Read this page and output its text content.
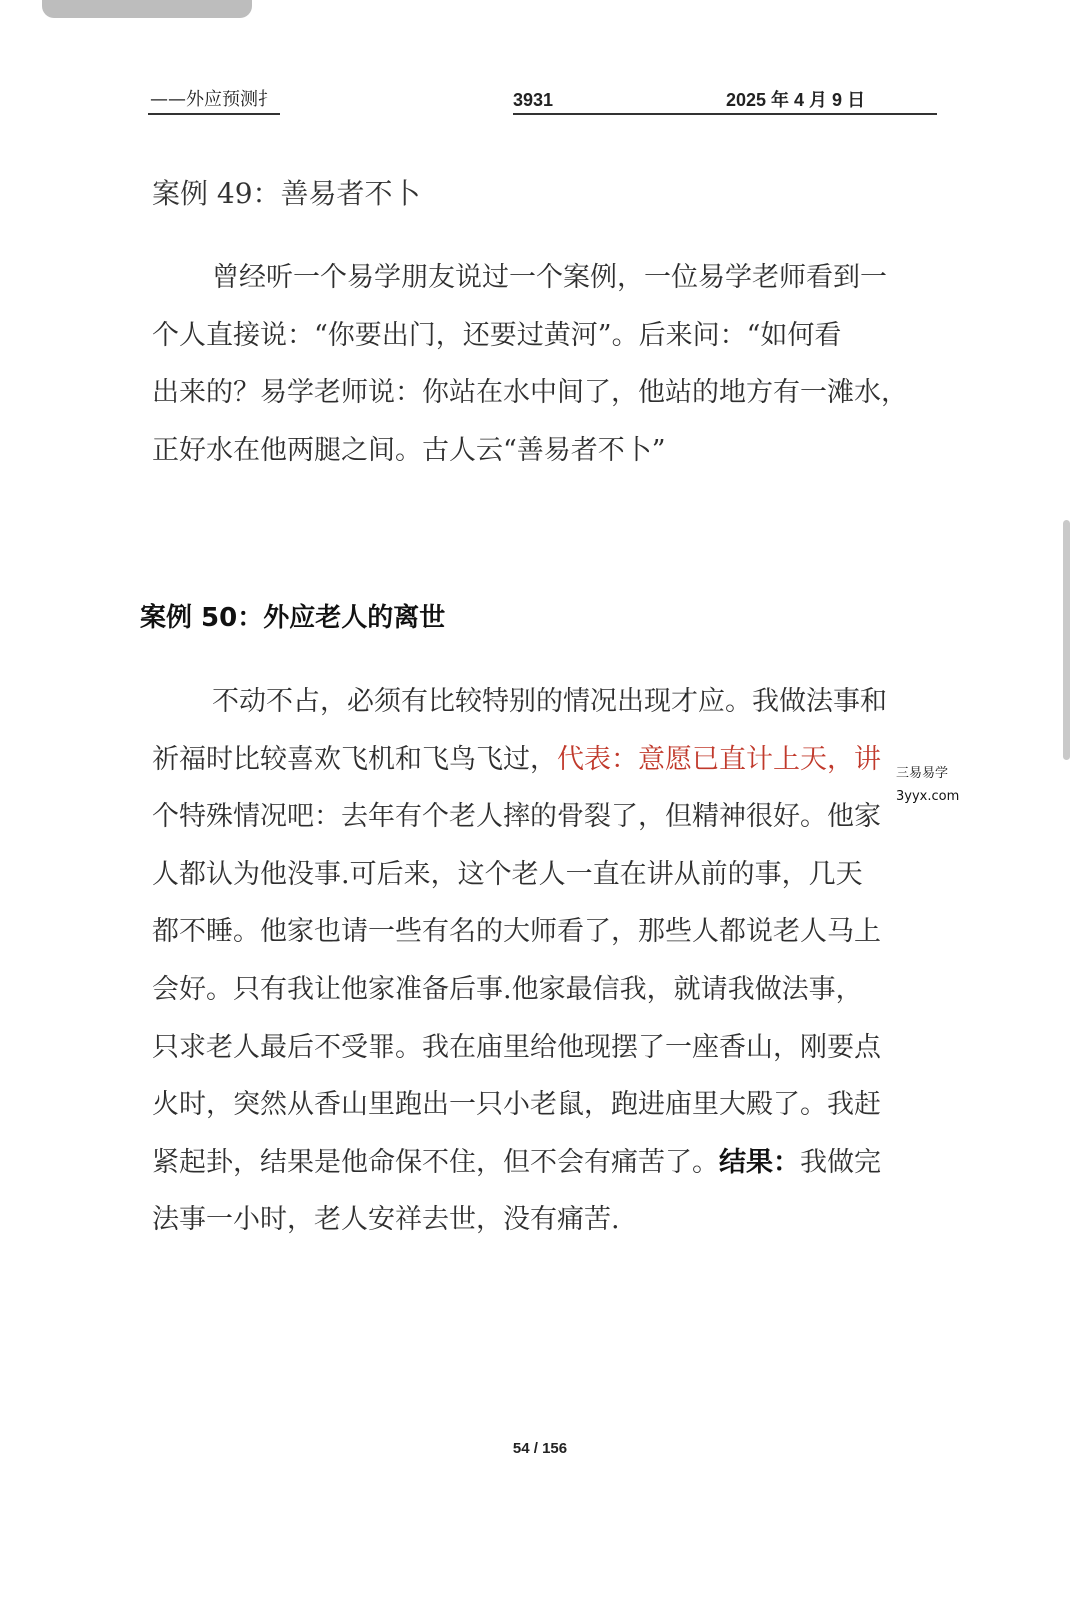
——外应预测扌	3931	2025 年 4 月 9 日
案例 49：善易者不卜

曾经听一个易学朋友说过一个案例，一位易学老师看到一

个人直接说：“你要出门，还要过黄河”。后来问：“如何看

出来的？易学老师说：你站在水中间了，他站的地方有一滩水，

正好水在他两腿之间。古人云“善易者不卜”

案例 50：外应老人的离世

不动不占，必须有比较特别的情况出现才应。我做法事和

祈福时比较喜欢飞机和飞鸟飞过，代表：意愿已直计上天，讲

个特殊情况吧：去年有个老人摔的骨裂了，但精神很好。他家

人都认为他没事.可后来，这个老人一直在讲从前的事，几天

都不睡。他家也请一些有名的大师看了，那些人都说老人马上

会好。只有我让他家准备后事.他家最信我，就请我做法事，

只求老人最后不受罪。我在庙里给他现摆了一座香山，刚要点

火时，突然从香山里跑出一只小老鼠，跑进庙里大殿了。我赶

紧起卦，结果是他命保不住，但不会有痛苦了。结果：我做完

法事一小时，老人安祥去世，没有痛苦.

三易易学
3yyx.com
54 / 156
